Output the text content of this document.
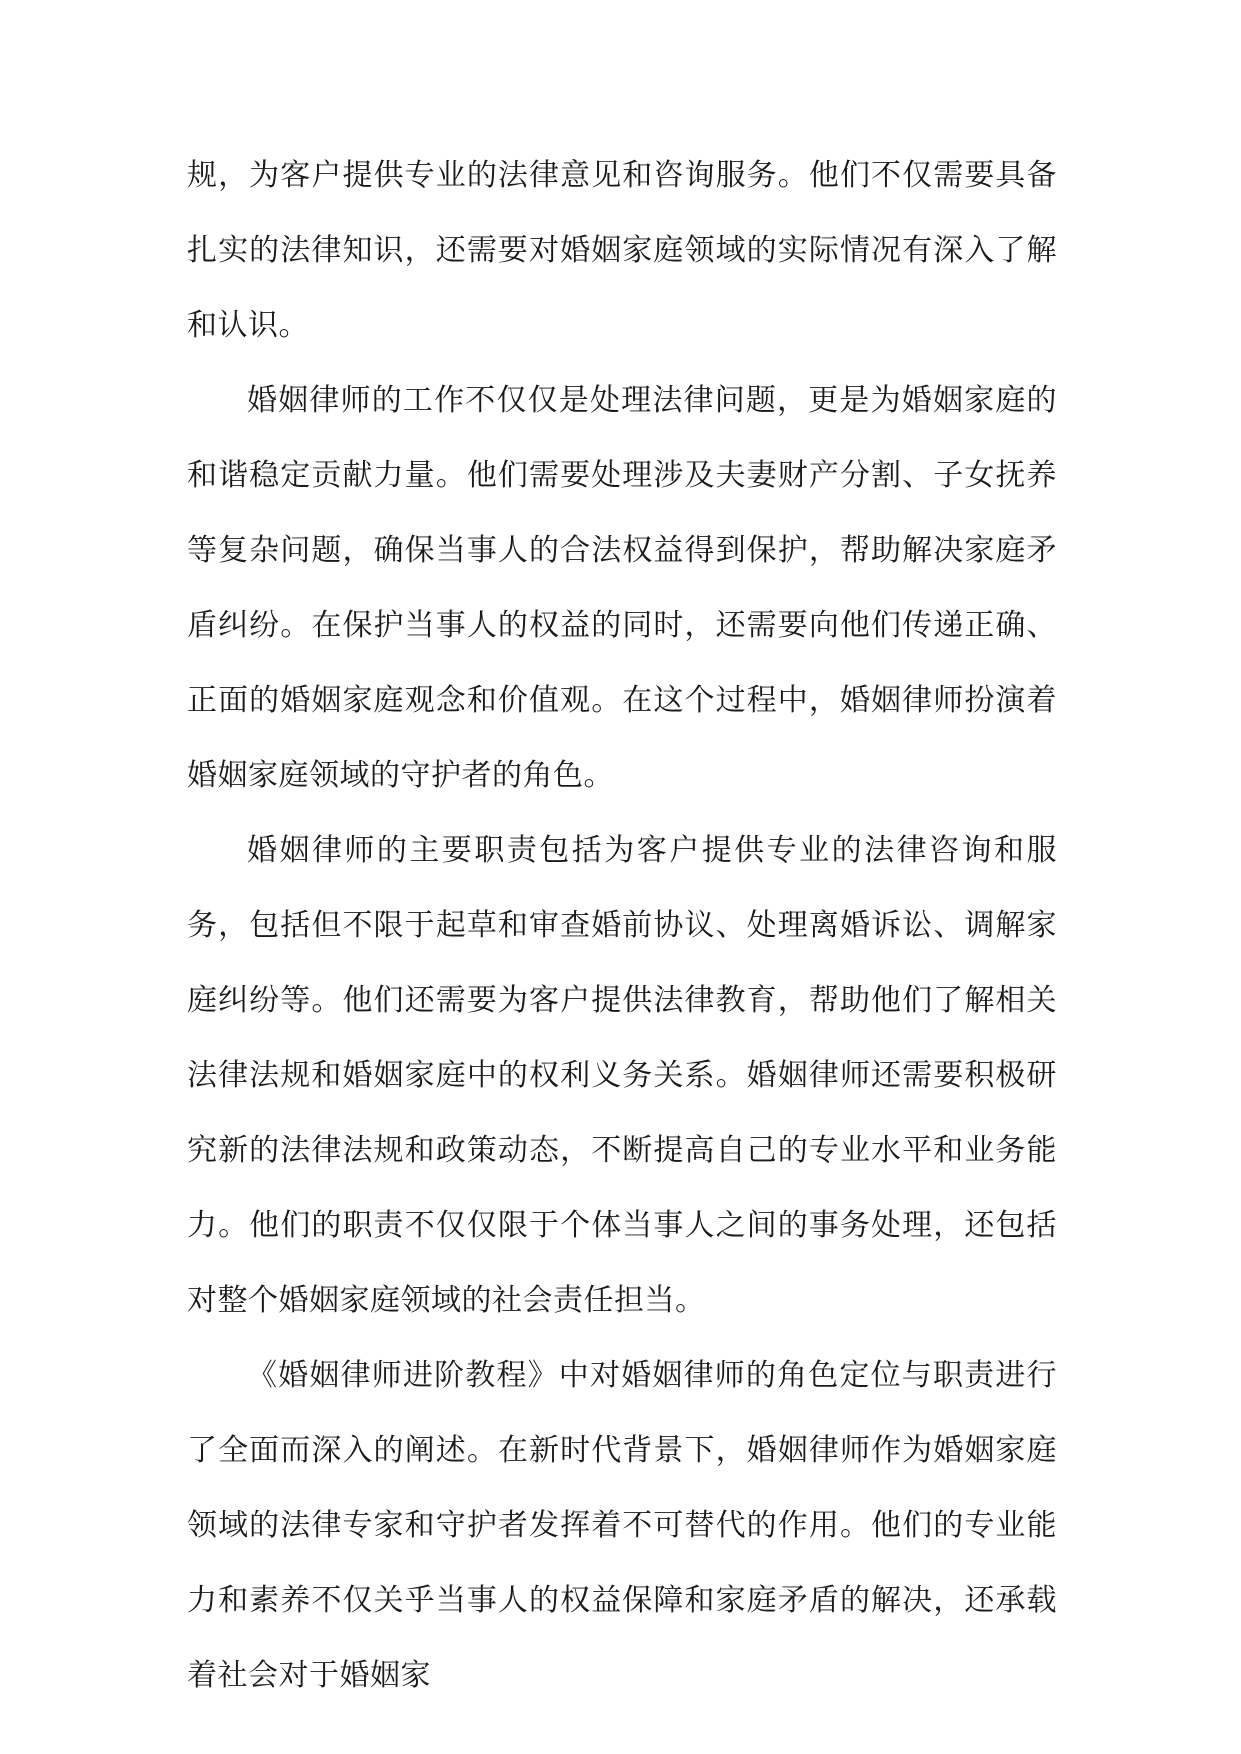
规，为客户提供专业的法律意见和咨询服务。他们不仅需要具备扎实的法律知识，还需要对婚姻家庭领域的实际情况有深入了解和认识。

婚姻律师的工作不仅仅是处理法律问题，更是为婚姻家庭的和谐稳定贡献力量。他们需要处理涉及夫妻财产分割、子女抚养等复杂问题，确保当事人的合法权益得到保护，帮助解决家庭矛盾纠纷。在保护当事人的权益的同时，还需要向他们传递正确、正面的婚姻家庭观念和价值观。在这个过程中，婚姻律师扮演着婚姻家庭领域的守护者的角色。

婚姻律师的主要职责包括为客户提供专业的法律咨询和服务，包括但不限于起草和审查婚前协议、处理离婚诉讼、调解家庭纠纷等。他们还需要为客户提供法律教育，帮助他们了解相关法律法规和婚姻家庭中的权利义务关系。婚姻律师还需要积极研究新的法律法规和政策动态，不断提高自己的专业水平和业务能力。他们的职责不仅仅限于个体当事人之间的事务处理，还包括对整个婚姻家庭领域的社会责任担当。

《婚姻律师进阶教程》中对婚姻律师的角色定位与职责进行了全面而深入的阐述。在新时代背景下，婚姻律师作为婚姻家庭领域的法律专家和守护者发挥着不可替代的作用。他们的专业能力和素养不仅关乎当事人的权益保障和家庭矛盾的解决，还承载着社会对于婚姻家
